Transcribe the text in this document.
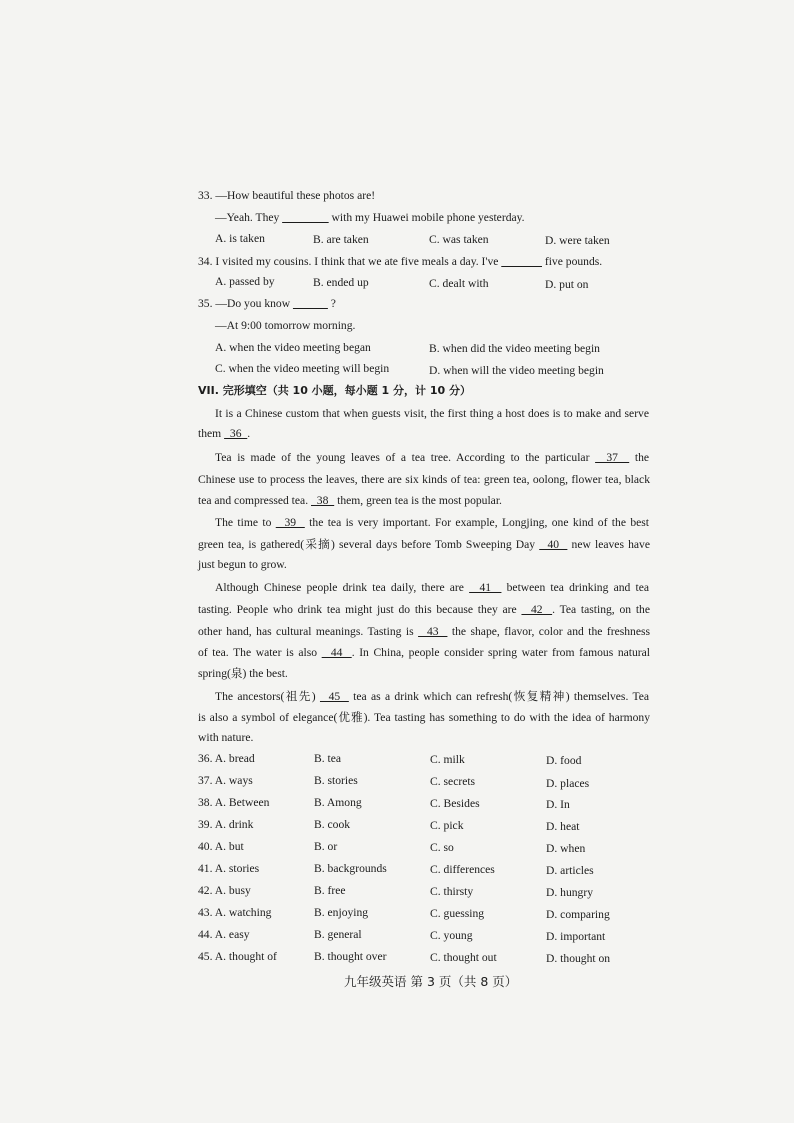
33. —How beautiful these photos are!
—Yeah. They ________ with my Huawei mobile phone yesterday.
A. is taken	B. are taken	C. was taken	D. were taken
34. I visited my cousins. I think that we ate five meals a day. I've _______ five pounds.
A. passed by	B. ended up	C. dealt with	D. put on
35. —Do you know ______ ?
—At 9:00 tomorrow morning.
A. when the video meeting began	B. when did the video meeting begin
C. when the video meeting will begin	D. when will the video meeting begin
VII. 完形填空（共 10 小题，每小题 1 分，计 10 分）
It is a Chinese custom that when guests visit, the first thing a host does is to make and serve
them   36  .
Tea is made of the young leaves of a tea tree. According to the particular   37   the
Chinese use to process the leaves, there are six kinds of tea: green tea, oolong, flower tea, black
tea and compressed tea.   38   them, green tea is the most popular.
The time to   39   the tea is very important. For example, Longjing, one kind of the best
green tea, is gathered(采摘) several days before Tomb Sweeping Day   40   new leaves have
just begun to grow.
Although Chinese people drink tea daily, there are   41   between tea drinking and tea
tasting. People who drink tea might just do this because they are   42  . Tea tasting, on the
other hand, has cultural meanings. Tasting is   43   the shape, flavor, color and the freshness
of tea. The water is also   44  . In China, people consider spring water from famous natural
spring(泉) the best.
The ancestors(祖先)   45   tea as a drink which can refresh(恢复精神) themselves. Tea
is also a symbol of elegance(优雅). Tea tasting has something to do with the idea of harmony
with nature.
36. A. bread	B. tea	C. milk	D. food
37. A. ways	B. stories	C. secrets	D. places
38. A. Between	B. Among	C. Besides	D. In
39. A. drink	B. cook	C. pick	D. heat
40. A. but	B. or	C. so	D. when
41. A. stories	B. backgrounds	C. differences	D. articles
42. A. busy	B. free	C. thirsty	D. hungry
43. A. watching	B. enjoying	C. guessing	D. comparing
44. A. easy	B. general	C. young	D. important
45. A. thought of	B. thought over	C. thought out	D. thought on
九年级英语 第 3 页（共 8 页）
